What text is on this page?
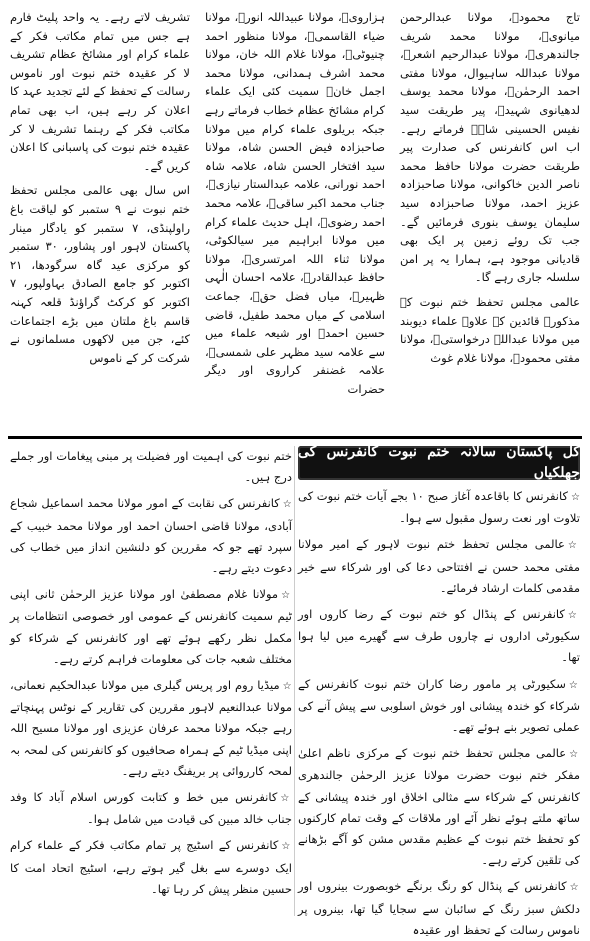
تاج محمودؒ، مولانا عبدالرحمن میانویؒ، مولانا محمد شریف جالندھریؒ، مولانا عبدالرحیم اشعرؒ، مولانا عبداللہ ساہیوال، مولانا مفتی احمد الرحمٰنؒ، مولانا محمد یوسف لدھیانوی شہیدؒ، پیر طریقت سید نفیس الحسینی شاہؒ فرماتے رہے۔ اب اس کانفرنس کی صدارت پیر طریقت حضرت مولانا حافظ محمد ناصر الدین خاکوانی، مولانا صاحبزادہ عزیز احمد، مولانا صاحبزادہ سید سلیمان یوسف بنوری فرمائیں گے۔ جب تک روئے زمین پر ایک بھی قادیانی موجود ہے، ہمارا یہ پر امن سلسلہ جاری رہے گا۔

عالمی مجلس تحفظ ختم نبوت کے مذکورہ قائدین کے علاوہ علماء دیوبند میں مولانا عبداللہ درخواستیؒ، مولانا مفتی محمودؒ، مولانا غلام غوث

ہزارویؒ، مولانا عبیداللہ انورؒ، مولانا ضیاء القاسمیؒ، مولانا منظور احمد چنیوٹیؒ، مولانا غلام اللہ خان، مولانا محمد اشرف ہمدانی، مولانا محمد اجمل خانؒ سمیت کئی ایک علماء کرام مشائخ عظام خطاب فرماتے رہے جبکہ بریلوی علماء کرام میں مولانا صاحبزادہ فیض الحسن شاہ، مولانا سید افتخار الحسن شاہ، علامہ شاہ احمد نورانی، علامہ عبدالستار نیازیؒ، جناب محمد اکبر ساقیؒ، علامہ محمد احمد رضویؒ، اہل حدیث علماء کرام میں مولانا ابراہیم میر سیالکوٹی، مولانا ثناء اللہ امرتسریؒ، مولانا حافظ عبدالقادرؒ، علامہ احسان الٰہی ظہیرؒ، میاں فضل حقؒ، جماعت اسلامی کے میاں محمد طفیل، قاضی حسین احمدؒ اور شیعہ علماء میں سے علامہ سید مظہر علی شمسیؒ، علامہ غضنفر کراروی اور دیگر حضرات

تشریف لاتے رہے۔ یہ واحد پلیٹ فارم ہے جس میں تمام مکاتب فکر کے علماء کرام اور مشائخ عظام تشریف لا کر عقیدہ ختم نبوت اور ناموس رسالت کے تحفظ کے لئے تجدید عہد کا اعلان کر رہے ہیں، اب بھی تمام مکاتب فکر کے رہنما تشریف لا کر عقیدہ ختم نبوت کی پاسبانی کا اعلان کریں گے۔

اس سال بھی عالمی مجلس تحفظ ختم نبوت نے ۹ ستمبر کو لیاقت باغ راولپنڈی، ۷ ستمبر کو یادگار مینار پاکستان لاہور اور پشاور، ۳۰ ستمبر کو مرکزی عید گاہ سرگودھا، ۲۱ اکتوبر کو جامع الصادق بہاولپور، ۷ اکتوبر کو کرکٹ گراؤنڈ قلعہ کہنہ قاسم باغ ملتان میں بڑے اجتماعات کئے، جن میں لاکھوں مسلمانوں نے شرکت کر کے ناموس

کل پاکستان سالانہ ختم نبوت کانفرنس کی جھلکیاں

☆کانفرنس کا باقاعدہ آغاز صبح ۱۰ بجے آیات ختم نبوت کی تلاوت اور نعت رسول مقبول سے ہوا۔

☆عالمی مجلس تحفظ ختم نبوت لاہور کے امیر مولانا مفتی محمد حسن نے افتتاحی دعا کی اور شرکاء سے خیر مقدمی کلمات ارشاد فرمائے۔

☆کانفرنس کے پنڈال کو ختم نبوت کے رضا کاروں اور سکیورٹی اداروں نے چاروں طرف سے گھیرے میں لیا ہوا تھا۔

☆سکیورٹی پر مامور رضا کاران ختم نبوت کانفرنس کے شرکاء کو خندہ پیشانی اور خوش اسلوبی سے پیش آنے کی عملی تصویر بنے ہوئے تھے۔

☆عالمی مجلس تحفظ ختم نبوت کے مرکزی ناظم اعلیٰ مفکر ختم نبوت حضرت مولانا عزیز الرحمٰن جالندھری کانفرنس کے شرکاء سے مثالی اخلاق اور خندہ پیشانی کے ساتھ ملتے ہوئے نظر آئے اور ملاقات کے وقت تمام کارکنوں کو تحفظ ختم نبوت کے عظیم مقدس مشن کو آگے بڑھانے کی تلقین کرتے رہے۔

☆کانفرنس کے پنڈال کو رنگ برنگے خوبصورت بینروں اور دلکش سبز رنگ کے سائبان سے سجایا گیا تھا، بینروں پر ناموس رسالت کے تحفظ اور عقیدہ

ختم نبوت کی اہمیت اور فضیلت پر مبنی پیغامات اور جملے درج ہیں۔

☆کانفرنس کی نقابت کے امور مولانا محمد اسماعیل شجاع آبادی، مولانا قاضی احسان احمد اور مولانا محمد خبیب کے سپرد تھے جو کہ مقررین کو دلنشین انداز میں خطاب کی دعوت دیتے رہے۔

☆مولانا غلام مصطفیٰ اور مولانا عزیز الرحمٰن ثانی اپنی ٹیم سمیت کانفرنس کے عمومی اور خصوصی انتظامات پر مکمل نظر رکھے ہوئے تھے اور کانفرنس کے شرکاء کو مختلف شعبہ جات کی معلومات فراہم کرتے رہے۔

☆میڈیا روم اور پریس گیلری میں مولانا عبدالحکیم نعمانی، مولانا عبدالنعیم لاہور مقررین کی تقاریر کے نوٹس پہنچاتے رہے جبکہ مولانا محمد عرفان عزیزی اور مولانا مسیح اللہ اپنی میڈیا ٹیم کے ہمراہ صحافیوں کو کانفرنس کی لمحہ بہ لمحہ کارروائی پر بریفنگ دیتے رہے۔

☆کانفرنس میں خط و کتابت کورس اسلام آباد کا وفد جناب خالد مبین کی قیادت میں شامل ہوا۔

☆کانفرنس کے اسٹیج پر تمام مکاتب فکر کے علماء کرام ایک دوسرے سے بغل گیر ہوتے رہے، اسٹیج اتحاد امت کا حسین منظر پیش کر رہا تھا۔
